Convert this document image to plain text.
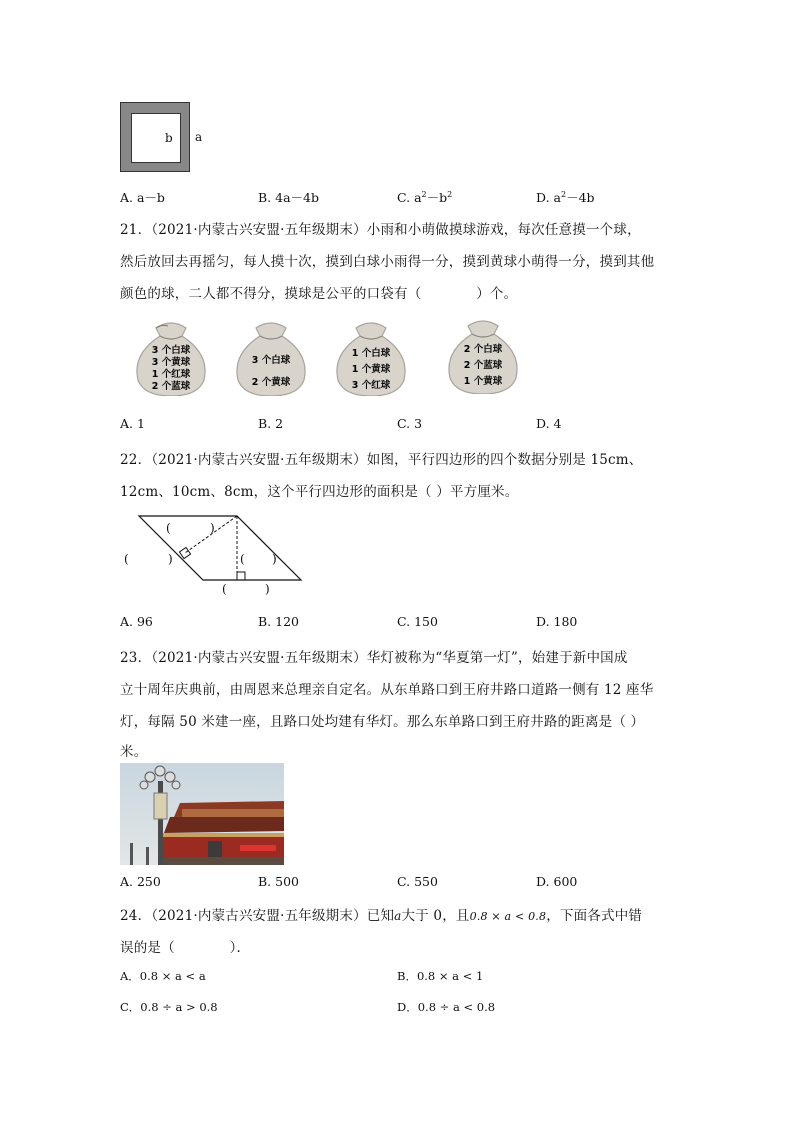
b a
A. a－b	B. 4a－4b	C. $a^2-b^2$	D. $a^2-4b$
21．（2021·内蒙古兴安盟·五年级期末）小雨和小萌做摸球游戏，每次任意摸一个球，
然后放回去再摇匀，每人摸十次，摸到白球小雨得一分，摸到黄球小萌得一分，摸到其他
颜色的球，二人都不得分，摸球是公平的口袋有（　　　　）个。
3 个白球
3 个黄球
1 个红球
2 个蓝球
3 个白球
2 个黄球
1 个白球
1 个黄球
3 个红球
2 个白球
2 个蓝球
1 个黄球
A. 1	B. 2	C. 3	D. 4
22．（2021·内蒙古兴安盟·五年级期末）如图，平行四边形的四个数据分别是 15cm、
12cm、10cm、8cm，这个平行四边形的面积是（ ）平方厘米。
(	)
(	)	( )
(	)
A. 96	B. 120	C. 150	D. 180
23．（2021·内蒙古兴安盟·五年级期末）华灯被称为“华夏第一灯”，始建于新中国成
立十周年庆典前，由周恩来总理亲自定名。从东单路口到王府井路口道路一侧有 12 座华
灯，每隔 50 米建一座，且路口处均建有华灯。那么东单路口到王府井路的距离是（ ）
米。
A. 250	B. 500	C. 550	D. 600
24．（2021·内蒙古兴安盟·五年级期末）已知a大于 0，且0.8 × a < 0.8，下面各式中错
误的是（　　　　）．
A．0.8 × a < a	B．0.8 × a < 1
C．0.8 ÷ a > 0.8	D．0.8 ÷ a < 0.8
